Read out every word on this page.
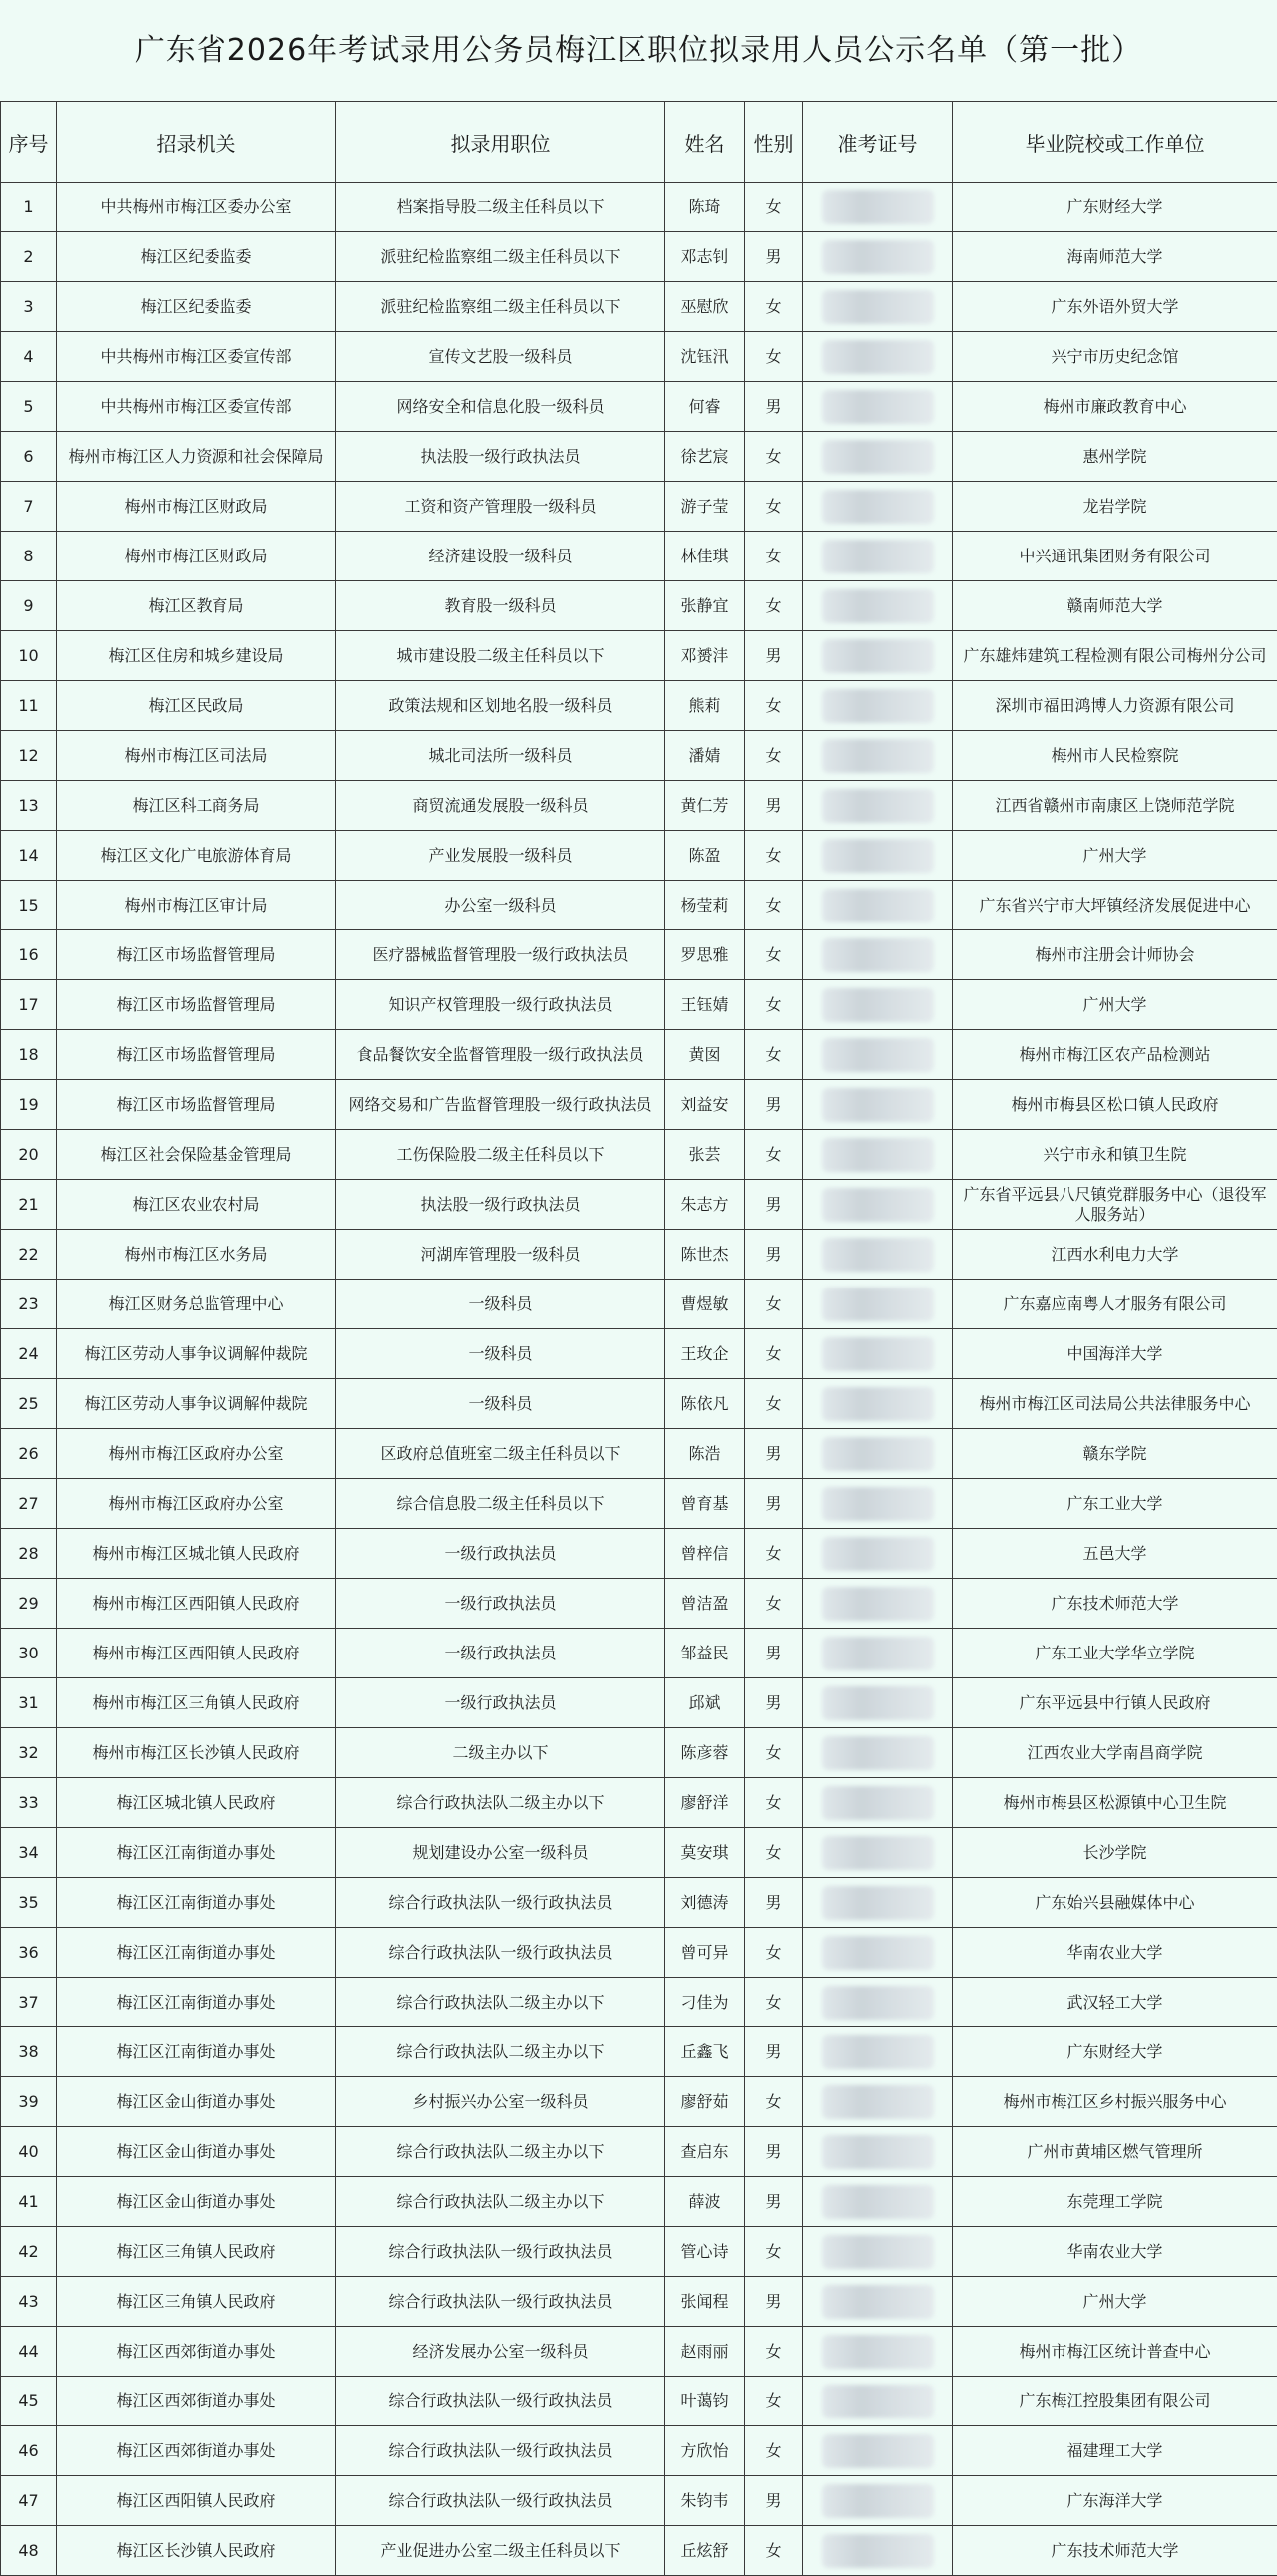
广东省2026年考试录用公务员梅江区职位拟录用人员公示名单（第一批）
序号	招录机关	拟录用职位	姓名	性别	准考证号	毕业院校或工作单位
1	中共梅州市梅江区委办公室	档案指导股二级主任科员以下	陈琦	女		广东财经大学
2	梅江区纪委监委	派驻纪检监察组二级主任科员以下	邓志钊	男		海南师范大学
3	梅江区纪委监委	派驻纪检监察组二级主任科员以下	巫慰欣	女		广东外语外贸大学
4	中共梅州市梅江区委宣传部	宣传文艺股一级科员	沈钰汛	女		兴宁市历史纪念馆
5	中共梅州市梅江区委宣传部	网络安全和信息化股一级科员	何睿	男		梅州市廉政教育中心
6	梅州市梅江区人力资源和社会保障局	执法股一级行政执法员	徐艺宸	女		惠州学院
7	梅州市梅江区财政局	工资和资产管理股一级科员	游子莹	女		龙岩学院
8	梅州市梅江区财政局	经济建设股一级科员	林佳琪	女		中兴通讯集团财务有限公司
9	梅江区教育局	教育股一级科员	张静宜	女		赣南师范大学
10	梅江区住房和城乡建设局	城市建设股二级主任科员以下	邓赟沣	男		广东雄炜建筑工程检测有限公司梅州分公司
11	梅江区民政局	政策法规和区划地名股一级科员	熊莉	女		深圳市福田鸿博人力资源有限公司
12	梅州市梅江区司法局	城北司法所一级科员	潘婧	女		梅州市人民检察院
13	梅江区科工商务局	商贸流通发展股一级科员	黄仁芳	男		江西省赣州市南康区上饶师范学院
14	梅江区文化广电旅游体育局	产业发展股一级科员	陈盈	女		广州大学
15	梅州市梅江区审计局	办公室一级科员	杨莹莉	女		广东省兴宁市大坪镇经济发展促进中心
16	梅江区市场监督管理局	医疗器械监督管理股一级行政执法员	罗思雅	女		梅州市注册会计师协会
17	梅江区市场监督管理局	知识产权管理股一级行政执法员	王钰婧	女		广州大学
18	梅江区市场监督管理局	食品餐饮安全监督管理股一级行政执法员	黄囡	女		梅州市梅江区农产品检测站
19	梅江区市场监督管理局	网络交易和广告监督管理股一级行政执法员	刘益安	男		梅州市梅县区松口镇人民政府
20	梅江区社会保险基金管理局	工伤保险股二级主任科员以下	张芸	女		兴宁市永和镇卫生院
21	梅江区农业农村局	执法股一级行政执法员	朱志方	男		广东省平远县八尺镇党群服务中心（退役军人服务站）
22	梅州市梅江区水务局	河湖库管理股一级科员	陈世杰	男		江西水利电力大学
23	梅江区财务总监管理中心	一级科员	曹煜敏	女		广东嘉应南粤人才服务有限公司
24	梅江区劳动人事争议调解仲裁院	一级科员	王玫企	女		中国海洋大学
25	梅江区劳动人事争议调解仲裁院	一级科员	陈依凡	女		梅州市梅江区司法局公共法律服务中心
26	梅州市梅江区政府办公室	区政府总值班室二级主任科员以下	陈浩	男		赣东学院
27	梅州市梅江区政府办公室	综合信息股二级主任科员以下	曾育基	男		广东工业大学
28	梅州市梅江区城北镇人民政府	一级行政执法员	曾梓信	女		五邑大学
29	梅州市梅江区西阳镇人民政府	一级行政执法员	曾洁盈	女		广东技术师范大学
30	梅州市梅江区西阳镇人民政府	一级行政执法员	邹益民	男		广东工业大学华立学院
31	梅州市梅江区三角镇人民政府	一级行政执法员	邱斌	男		广东平远县中行镇人民政府
32	梅州市梅江区长沙镇人民政府	二级主办以下	陈彦蓉	女		江西农业大学南昌商学院
33	梅江区城北镇人民政府	综合行政执法队二级主办以下	廖舒洋	女		梅州市梅县区松源镇中心卫生院
34	梅江区江南街道办事处	规划建设办公室一级科员	莫安琪	女		长沙学院
35	梅江区江南街道办事处	综合行政执法队一级行政执法员	刘德涛	男		广东始兴县融媒体中心
36	梅江区江南街道办事处	综合行政执法队一级行政执法员	曾可异	女		华南农业大学
37	梅江区江南街道办事处	综合行政执法队二级主办以下	刁佳为	女		武汉轻工大学
38	梅江区江南街道办事处	综合行政执法队二级主办以下	丘鑫飞	男		广东财经大学
39	梅江区金山街道办事处	乡村振兴办公室一级科员	廖舒茹	女		梅州市梅江区乡村振兴服务中心
40	梅江区金山街道办事处	综合行政执法队二级主办以下	查启东	男		广州市黄埔区燃气管理所
41	梅江区金山街道办事处	综合行政执法队二级主办以下	薛波	男		东莞理工学院
42	梅江区三角镇人民政府	综合行政执法队一级行政执法员	管心诗	女		华南农业大学
43	梅江区三角镇人民政府	综合行政执法队一级行政执法员	张闻程	男		广州大学
44	梅江区西郊街道办事处	经济发展办公室一级科员	赵雨丽	女		梅州市梅江区统计普查中心
45	梅江区西郊街道办事处	综合行政执法队一级行政执法员	叶蔼钧	女		广东梅江控股集团有限公司
46	梅江区西郊街道办事处	综合行政执法队一级行政执法员	方欣怡	女		福建理工大学
47	梅江区西阳镇人民政府	综合行政执法队一级行政执法员	朱钧韦	男		广东海洋大学
48	梅江区长沙镇人民政府	产业促进办公室二级主任科员以下	丘炫舒	女		广东技术师范大学
